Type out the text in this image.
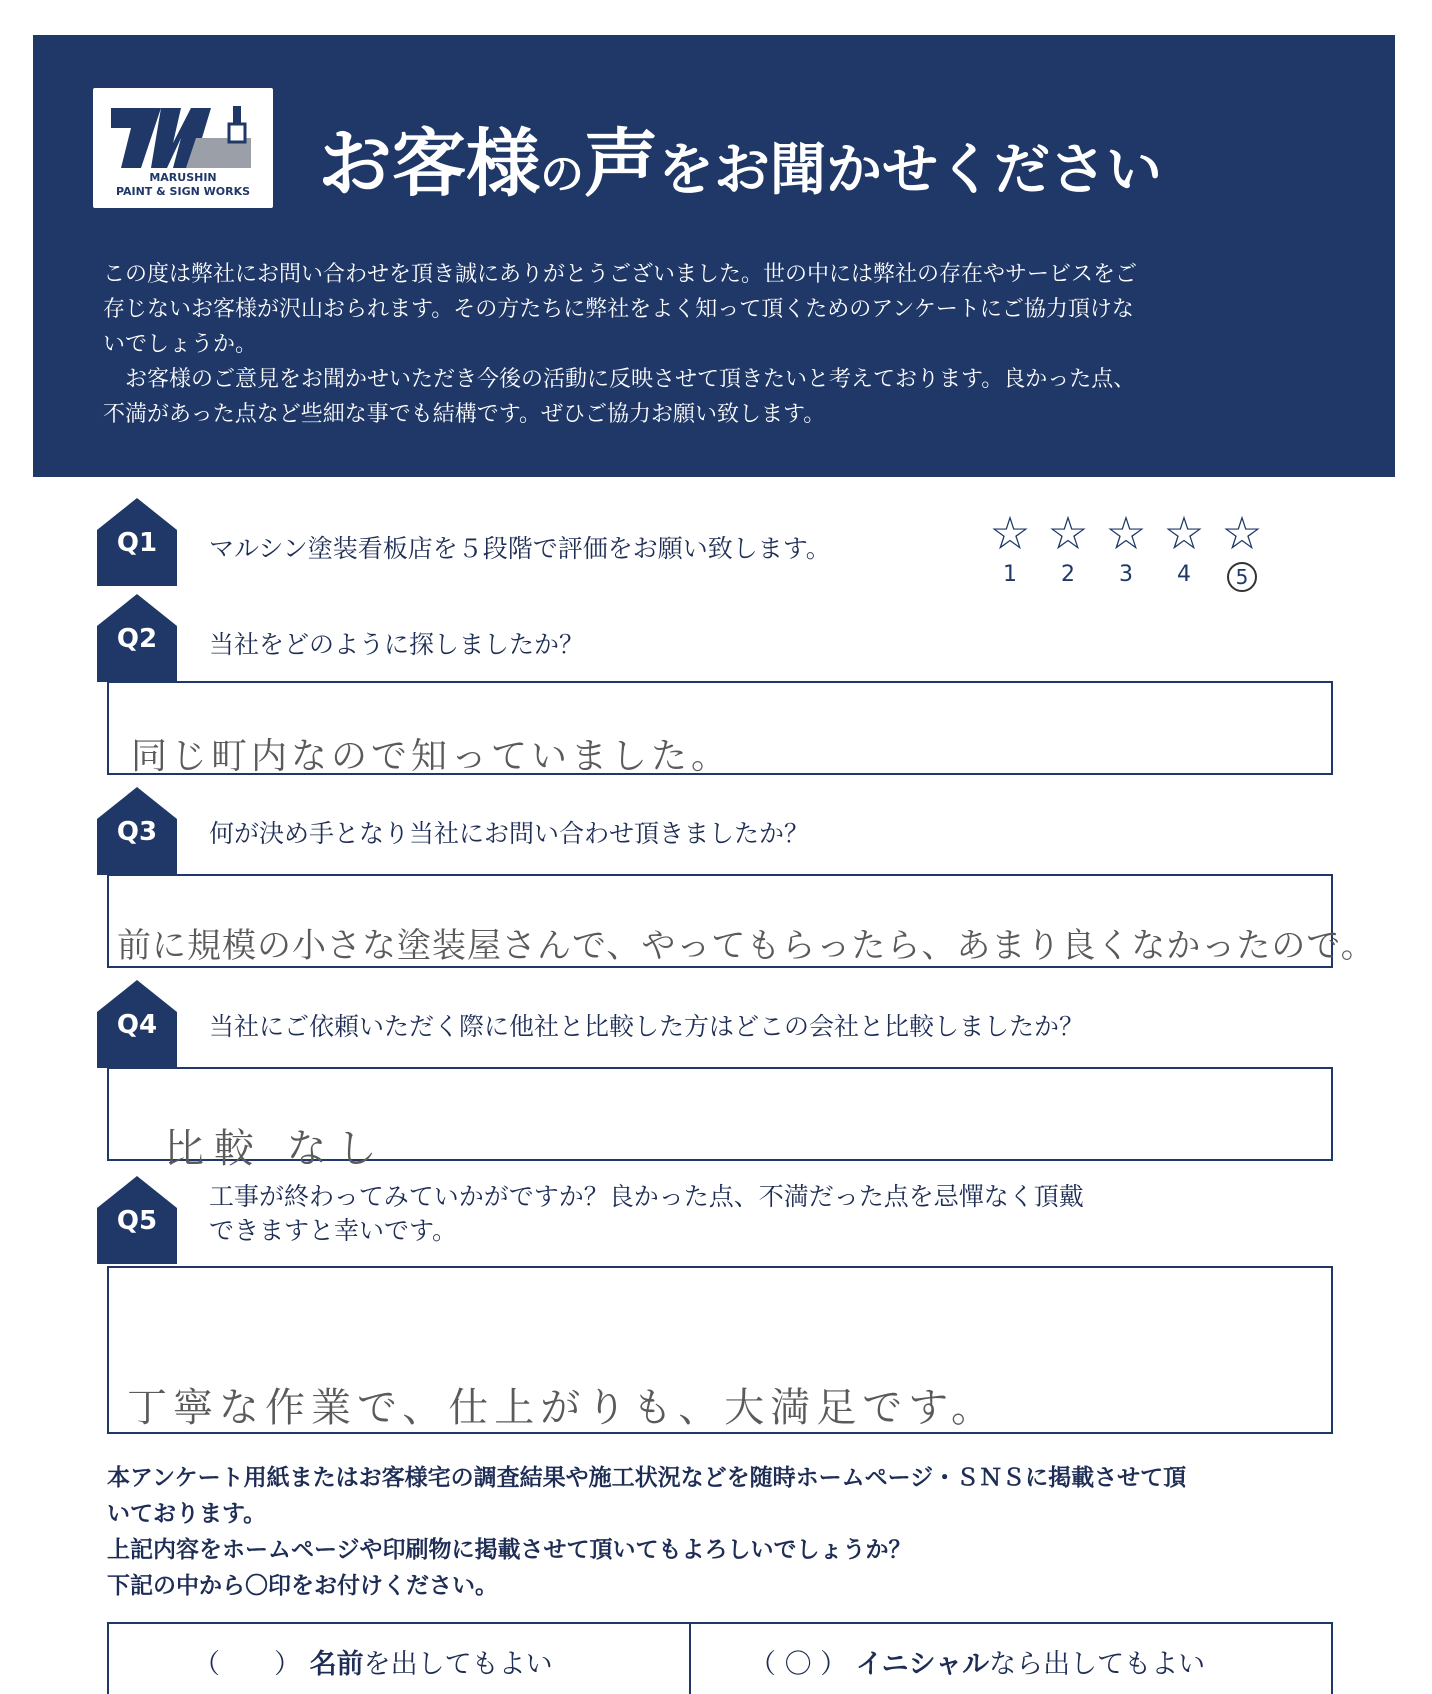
MARUSHIN
PAINT & SIGN WORKS お客様の声をお聞かせください

この度は弊社にお問い合わせを頂き誠にありがとうございました。世の中には弊社の存在やサービスをご

存じないお客様が沢山おられます。その方たちに弊社をよく知って頂くためのアンケートにご協力頂けな

いでしょうか。

　お客様のご意見をお聞かせいただき今後の活動に反映させて頂きたいと考えております。良かった点、

不満があった点など些細な事でも結構です。ぜひご協力お願い致します。

Q1	マルシン塗装看板店を５段階で評価をお願い致します。	☆
1
☆
2
☆
3
☆
4
☆
5
Q2	当社をどのように探しましたか？
同じ町内なので知っていました。
Q3	何が決め手となり当社にお問い合わせ頂きましたか？
前に規模の小さな塗装屋さんで、やってもらったら、あまり良くなかったので。
Q4	当社にご依頼いただく際に他社と比較した方はどこの会社と比較しましたか？
比較 なし
Q5
工事が終わってみていかがですか？良かった点、不満だった点を忌憚なく頂戴
できますと幸いです。
丁寧な作業で、仕上がりも、大満足です。

本アンケート用紙またはお客様宅の調査結果や施工状況などを随時ホームページ・ＳＮＳに掲載させて頂

いております。

上記内容をホームページや印刷物に掲載させて頂いてもよろしいでしょうか？

下記の中から〇印をお付けください。

（　　） 名前を出してもよい	（ 〇 ） イニシャルなら出してもよい
